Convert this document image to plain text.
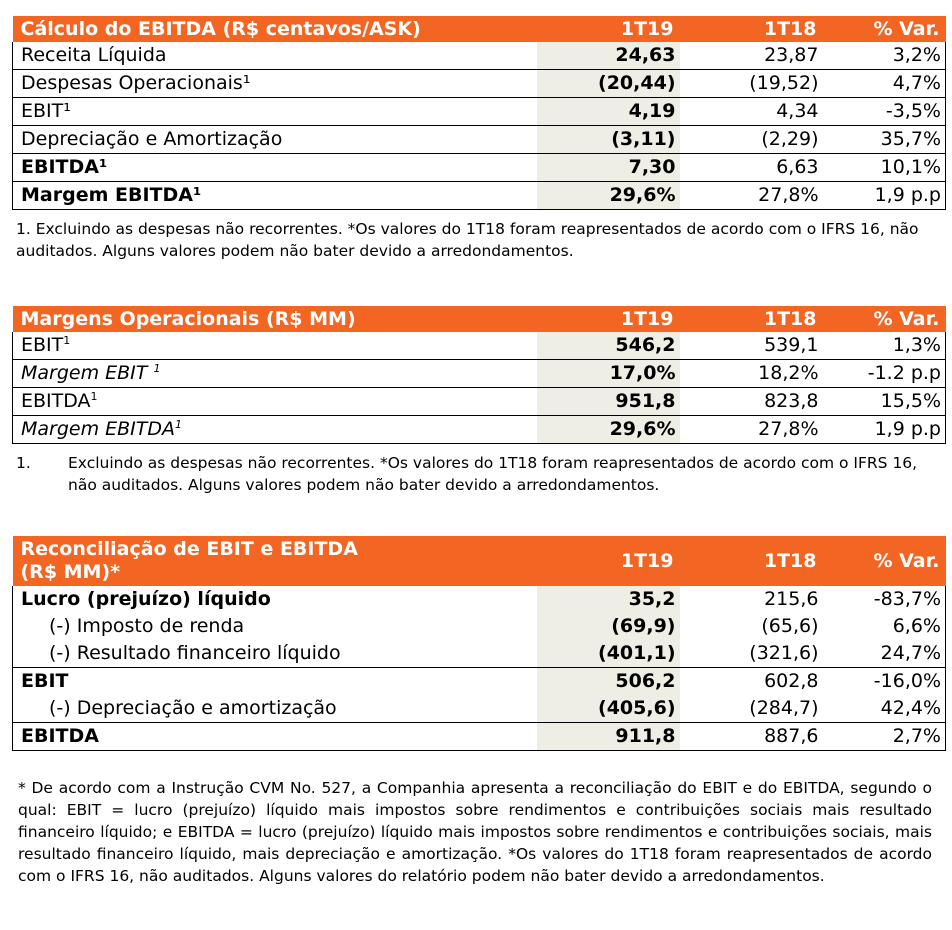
Cálculo do EBITDA (R$ centavos/ASK)	1T19	1T18	% Var.
Receita Líquida	24,63	23,87	3,2%
Despesas Operacionais¹	(20,44)	(19,52)	4,7%
EBIT¹	4,19	4,34	-3,5%
Depreciação e Amortização	(3,11)	(2,29)	35,7%
EBITDA¹	7,30	6,63	10,1%
Margem EBITDA¹	29,6%	27,8%	1,9 p.p

1. Excluindo as despesas não recorrentes. *Os valores do 1T18 foram reapresentados de acordo com o IFRS 16, não auditados. Alguns valores podem não bater devido a arredondamentos.

Margens Operacionais (R$ MM)	1T19	1T18	% Var.
EBIT$^1$	546,2	539,1	1,3%
Margem EBIT $^1$	17,0%	18,2%	-1.2 p.p
EBITDA$^1$	951,8	823,8	15,5%
Margem EBITDA$^1$	29,6%	27,8%	1,9 p.p
1.	Excluindo as despesas não recorrentes. *Os valores do 1T18 foram reapresentados de acordo com o IFRS 16, não auditados. Alguns valores podem não bater devido a arredondamentos.
Reconciliação de EBIT e EBITDA
(R$ MM)*	1T19	1T18	% Var.
Lucro (prejuízo) líquido	35,2	215,6	-83,7%
(-) Imposto de renda	(69,9)	(65,6)	6,6%
(-) Resultado financeiro líquido	(401,1)	(321,6)	24,7%
EBIT	506,2	602,8	-16,0%
(-) Depreciação e amortização	(405,6)	(284,7)	42,4%
EBITDA	911,8	887,6	2,7%

* De acordo com a Instrução CVM No. 527, a Companhia apresenta a reconciliação do EBIT e do EBITDA, segundo o qual: EBIT = lucro (prejuízo) líquido mais impostos sobre rendimentos e contribuições sociais mais resultado financeiro líquido; e EBITDA = lucro (prejuízo) líquido mais impostos sobre rendimentos e contribuições sociais, mais resultado financeiro líquido, mais depreciação e amortização. *Os valores do 1T18 foram reapresentados de acordo com o IFRS 16, não auditados. Alguns valores do relatório podem não bater devido a arredondamentos.
